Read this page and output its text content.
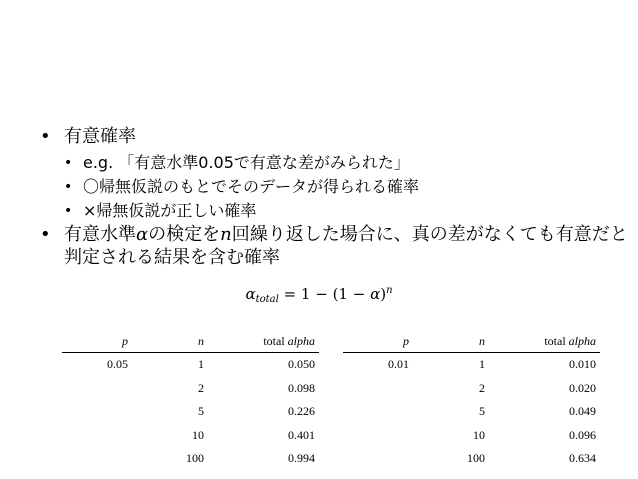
• 有意確率
• e.g. 「有意水準0.05で有意な差がみられた」
• 〇帰無仮説のもとでそのデータが得られる確率
• ×帰無仮説が正しい確率
• 有意水準αの検定をn回繰り返した場合に、真の差がなくても有意だと判定される結果を含む確率
$\alpha_{total} = 1 - (1 - \alpha)^n$
p	n	total alpha
0.05	1	0.050
	2	0.098
	5	0.226
	10	0.401
	100	0.994
p	n	total alpha
0.01	1	0.010
	2	0.020
	5	0.049
	10	0.096
	100	0.634
